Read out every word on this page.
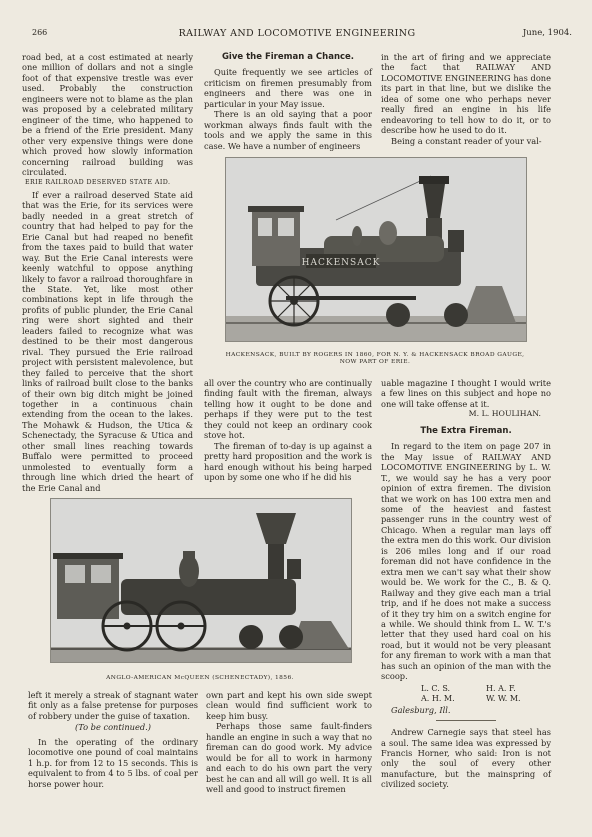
266	RAILWAY AND LOCOMOTIVE ENGINEERING	June, 1904.

road bed, at a cost estimated at nearly one million of dollars and not a single foot of that expensive trestle was ever used. Probably the construction engineers were not to blame as the plan was proposed by a celebrated military engineer of the time, who happened to be a friend of the Erie president. Many other very expensive things were done which proved how slowly information concerning railroad building was circulated.

ERIE RAILROAD DESERVED STATE AID.

If ever a railroad deserved State aid that was the Erie, for its services were badly needed in a great stretch of country that had helped to pay for the Erie Canal but had reaped no benefit from the taxes paid to build that water way. But the Erie Canal interests were keenly watchful to oppose anything likely to favor a railroad thoroughfare in the State. Yet, like most other combinations kept in life through the profits of public plunder, the Erie Canal ring were short sighted and their leaders failed to recognize what was destined to be their most dangerous rival. They pursued the Erie railroad project with persistent malevolence, but they failed to perceive that the short links of railroad built close to the banks of their own big ditch might be joined together in a continuous chain extending from the ocean to the lakes. The Mohawk & Hudson, the Utica & Schenectady, the Syracuse & Utica and other small lines reaching towards Buffalo were permitted to proceed unmolested to eventually form a through line which dried the heart of the Erie Canal and

Give the Fireman a Chance.

Quite frequently we see articles of criticism on firemen presumably from engineers and there was one in particular in your May issue.

There is an old saying that a poor workman always finds fault with the tools and we apply the same in this case. We have a number of engineers

in the art of firing and we appreciate the fact that RAILWAY AND LOCOMOTIVE ENGINEERING has done its part in that line, but we dislike the idea of some one who perhaps never really fired an engine in his life endeavoring to tell how to do it, or to describe how he used to do it.

Being a constant reader of your val-

HACKENSACK
HACKENSACK, BUILT BY ROGERS IN 1860, FOR N. Y. & HACKENSACK BROAD GAUGE, NOW PART OF ERIE.

all over the country who are continually finding fault with the fireman, always telling how it ought to be done and perhaps if they were put to the test they could not keep an ordinary cook stove hot.

The fireman of to-day is up against a pretty hard proposition and the work is hard enough without his being harped upon by some one who if he did his

uable magazine I thought I would write a few lines on this subject and hope no one will take offense at it.

M. L. HOULIHAN.
The Extra Fireman.

In regard to the item on page 207 in the May issue of RAILWAY AND LOCOMOTIVE ENGINEERING by L. W. T., we would say he has a very poor opinion of extra firemen. The division that we work on has 100 extra men and some of the heaviest and fastest passenger runs in the country west of Chicago. When a regular man lays off the extra men do this work. Our division is 206 miles long and if our road foreman did not have confidence in the extra men we can't say what their show would be. We work for the C., B. & Q. Railway and they give each man a trial trip, and if he does not make a success of it they try him on a switch engine for a while. We should think from L. W. T.'s letter that they used hard coal on his road, but it would not be very pleasant for any fireman to work with a man that has such an opinion of the man with the scoop.

L. C. S.	H. A. F.
A. H. M.	W. W. M.
Galesburg, Ill.

Andrew Carnegie says that steel has a soul. The same idea was expressed by Francis Horner, who said: Iron is not only the soul of every other manufacture, but the mainspring of civilized society.

ANGLO-AMERICAN McQUEEN (SCHENECTADY), 1856.

left it merely a streak of stagnant water fit only as a false pretense for purposes of robbery under the guise of taxation.

(To be continued.)

In the operating of the ordinary locomotive one pound of coal maintains 1 h.p. for from 12 to 15 seconds. This is equivalent to from 4 to 5 lbs. of coal per horse power hour.

own part and kept his own side swept clean would find sufficient work to keep him busy.

Perhaps those same fault-finders handle an engine in such a way that no fireman can do good work. My advice would be for all to work in harmony and each to do his own part the very best he can and all will go well. It is all well and good to instruct firemen
